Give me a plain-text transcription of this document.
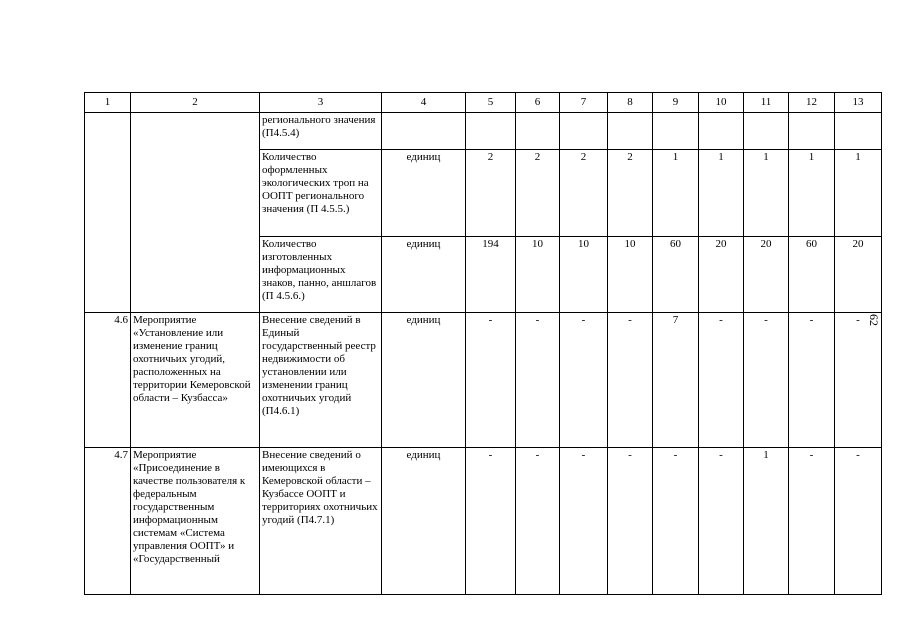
1	2	3	4	5	6	7	8	9	10	11	12	13

		регионального значения (П4.5.4)										

		Количество оформленных экологических троп на ООПТ регионального значения (П 4.5.5.)	единиц	2	2	2	2	1	1	1	1	1
		Количество изготовленных информационных знаков, панно, аншлагов (П 4.5.6.)	единиц	194	10	10	10	60	20	20	60	20
4.6	Мероприятие «Установление или изменение границ охотничьих угодий, расположенных на территории Кемеровской области – Кузбасса»	Внесение сведений в Единый государственный реестр недвижимости об установлении или изменении границ охотничьих угодий (П4.6.1)	единиц	-	-	-	-	7	-	-	-	-
4.7	Мероприятие «Присоединение в качестве пользователя к федеральным государственным информационным системам «Система управления ООПТ» и «Государственный	Внесение сведений о имеющихся в Кемеровской области – Кузбассе ООПТ и территориях охотничьих угодий (П4.7.1)	единиц	-	-	-	-	-	-	1	-	-
62
